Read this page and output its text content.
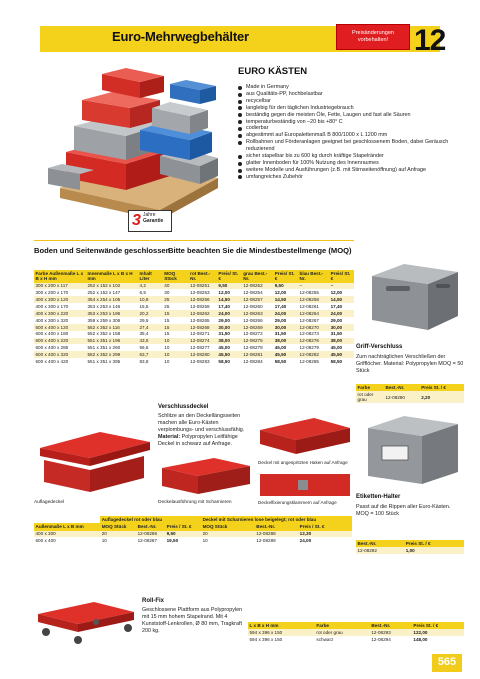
Euro-Mehrwegbehälter	Preisänderungen vorbehalten! 12
3 Jahre
Garantie
EURO KÄSTEN
Made in Germany
aus Qualitäts-PP, hochbelastbar
recycelbar
langlebig für den täglichen Industriegebrauch
beständig gegen die meisten Öle, Fette, Laugen und fast alle Säuren
temperaturbeständig von –20 bis +80° C
codierbar
abgestimmt auf Europalettenmaß B 800/1000 x L 1200 mm
Rollbahnen und Förderanlagen geeignet bei geschlossenem Boden, dabei Geräusch reduzierend
sicher stapelbar bis zu 600 kg durch kräftige Stapelränder
glatter Innenboden für 100% Nutzung des Innenraumes
weitere Modelle und Ausführungen (z.B. mit Stirnseitenöffnung) auf Anfrage
umfangreiches Zubehör
Boden und Seitenwände geschlossen
Bitte beachten Sie die Mindestbestellmenge (MOQ)
Farbe Außenmaße L x B x H mm	Innenmaße L x B x H mm	Inhalt Liter	MOQ Stück	rot Best.-Nr.	Preis/ St. €	grau Best.-Nr.	Preis/ St. €	blau Best.-Nr.	Preis/ St. €
300 x 200 x 117	252 x 152 x 102	4,2	40	12-08251	9,50	12-08252	9,50	–	–
300 x 200 x 170	252 x 152 x 147	6,5	30	12-08253	12,00	12-08254	12,00	12-08255	12,00
400 x 300 x 120	354 x 254 x 105	10,8	25	12-08256	14,50	12-08257	14,50	12-08258	14,50
400 x 300 x 170	353 x 253 x 146	15,5	25	12-08259	17,40	12-08260	17,40	12-08261	17,40
400 x 300 x 220	353 x 253 x 196	20,2	15	12-08262	24,00	12-08263	24,00	12-08264	24,00
400 x 300 x 320	359 x 259 x 306	29,5	15	12-08265	29,00	12-08266	29,00	12-08267	29,00
600 x 400 x 120	552 x 352 x 116	27,4	15	12-08268	30,00	12-08269	30,00	12-08270	30,00
600 x 400 x 180	552 x 352 x 158	35,4	15	12-08271	31,50	12-08272	31,50	12-08273	31,50
600 x 400 x 220	551 x 351 x 196	43,5	10	12-08274	38,00	12-08275	38,00	12-08276	38,00
600 x 400 x 285	551 x 351 x 260	56,6	10	12-08277	45,00	12-08278	45,00	12-08279	45,00
600 x 400 x 320	552 x 352 x 299	63,7	10	12-08280	45,50	12-08281	45,50	12-08282	45,50
600 x 400 x 420	551 x 351 x 395	83,8	10	12-08283	58,50	12-08284	58,50	12-08285	58,50
Griff-Verschluss
Zum nachträglichen Verschließen der Grifflöcher. Material: Polypropylen MOQ = 50 Stück
Farbe	Best.-Nr.	Preis St. / €
rot oder grau	12-08290	2,20
Auflagedeckel
Verschlussdeckel
Schlitze an den Deckellängsseiten machen alle Euro-Kästen verplombungs- und verschlussfähig. Material: Polypropylen Leitfähige Deckel in schwarz auf Anfrage.
Deckel mit angespritzten Haken auf Anfrage
Deckelausführung mit Scharnieren	Deckelfixierungsklammern auf Anfrage
	Auflagedeckel rot oder blau			Deckel mit Scharnieren lose beigelegt; rot oder blau		
Außenmaße L x B mm	MOQ Stück	Best.-Nr.	Preis / St. €	MOQ Stück	Best.-Nr.	Preis / St. €
400 x 300	20	12-08286	9,50	20	12-08288	12,30
600 x 400	10	12-08287	19,50	10	12-08289	24,00
Etiketten-Halter
Passt auf die Rippen aller Euro-Kästen. MOQ = 100 Stück
Best.-Nr.	Preis St. / €
12-08292	1,00
Roll-Fix
Geschlossene Plattform aus Polypropylen mit 15 mm hohem Stapelrand. Mit 4 Kunststoff-Lenkrollen, Ø 80 mm, Tragkraft 200 kg.
L x B x H mm	Farbe	Best.-Nr.	Preis St. / €
594 x 396 x 150	rot oder grau	12-08293	122,00
594 x 396 x 150	schwarz	12-08294	148,00
565
